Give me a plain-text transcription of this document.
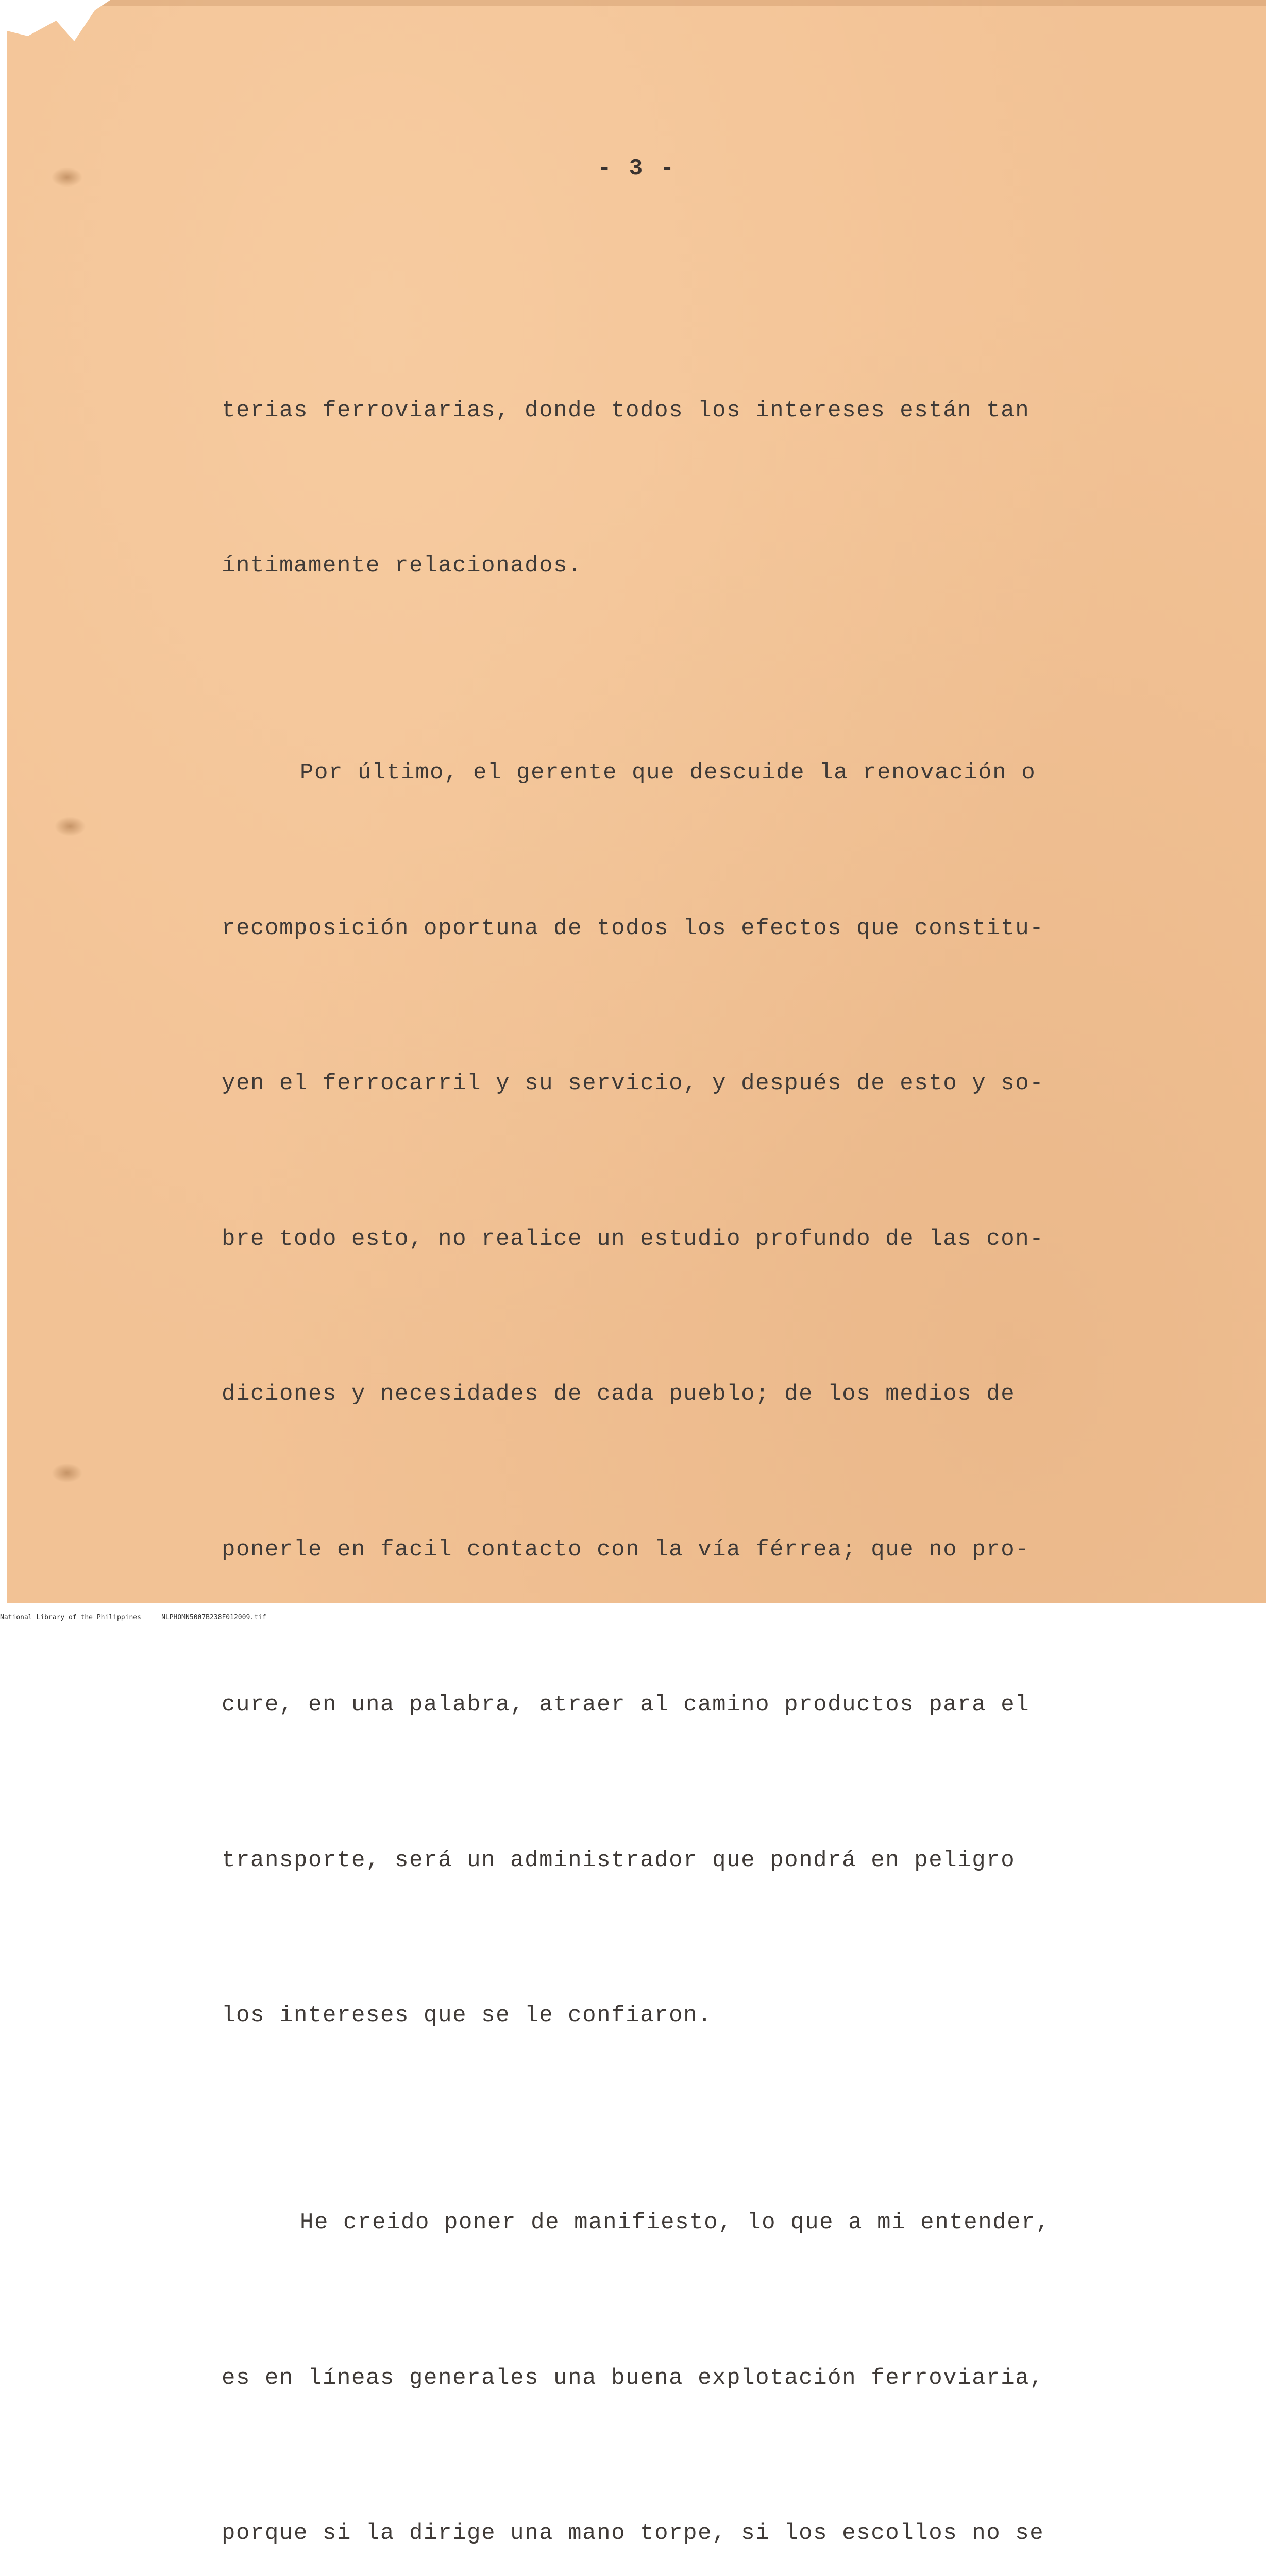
- 3 -

terias ferroviarias, donde todos los intereses están tan

íntimamente relacionados.

Por último, el gerente que descuide la renovación o

recomposición oportuna de todos los efectos que constitu-

yen el ferrocarril y su servicio, y después de esto y so-

bre todo esto, no realice un estudio profundo de las con-

diciones y necesidades de cada pueblo; de los medios de

ponerle en facil contacto con la vía férrea; que no pro-

cure, en una palabra, atraer al camino productos para el

transporte, será un administrador que pondrá en peligro

los intereses que se le confiaron.

He creido poner de manifiesto, lo que a mi entender,

es en líneas generales una buena explotación ferroviaria,

porque si la dirige una mano torpe, si los escollos no se

National Library of the Philippines	NLPHOMN5007B238F012009.tif
